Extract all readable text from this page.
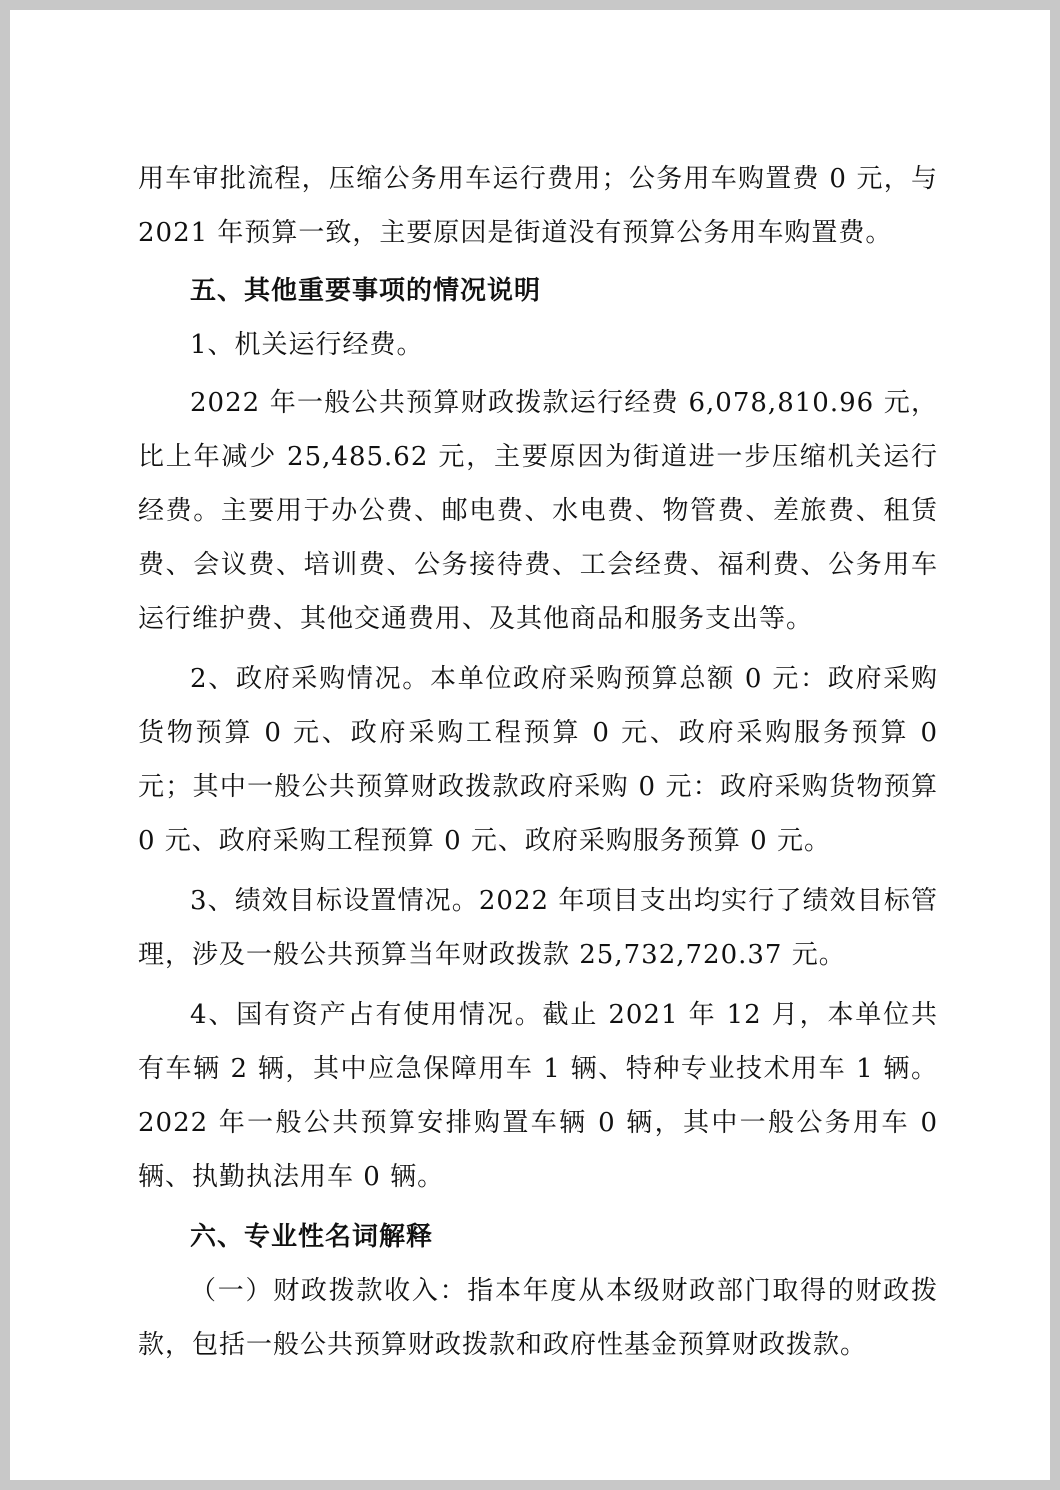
用车审批流程，压缩公务用车运行费用；公务用车购置费 0 元，与 2021 年预算一致，主要原因是街道没有预算公务用车购置费。

五、其他重要事项的情况说明

1、机关运行经费。

2022 年一般公共预算财政拨款运行经费 6,078,810.96 元，比上年减少 25,485.62 元，主要原因为街道进一步压缩机关运行经费。主要用于办公费、邮电费、水电费、物管费、差旅费、租赁费、会议费、培训费、公务接待费、工会经费、福利费、公务用车运行维护费、其他交通费用、及其他商品和服务支出等。

2、政府采购情况。本单位政府采购预算总额 0 元：政府采购货物预算 0 元、政府采购工程预算 0 元、政府采购服务预算 0 元；其中一般公共预算财政拨款政府采购 0 元：政府采购货物预算 0 元、政府采购工程预算 0 元、政府采购服务预算 0 元。

3、绩效目标设置情况。2022 年项目支出均实行了绩效目标管理，涉及一般公共预算当年财政拨款 25,732,720.37 元。

4、国有资产占有使用情况。截止 2021 年 12 月，本单位共有车辆 2 辆，其中应急保障用车 1 辆、特种专业技术用车 1 辆。2022 年一般公共预算安排购置车辆 0 辆，其中一般公务用车 0 辆、执勤执法用车 0 辆。

六、专业性名词解释

（一）财政拨款收入：指本年度从本级财政部门取得的财政拨款，包括一般公共预算财政拨款和政府性基金预算财政拨款。
